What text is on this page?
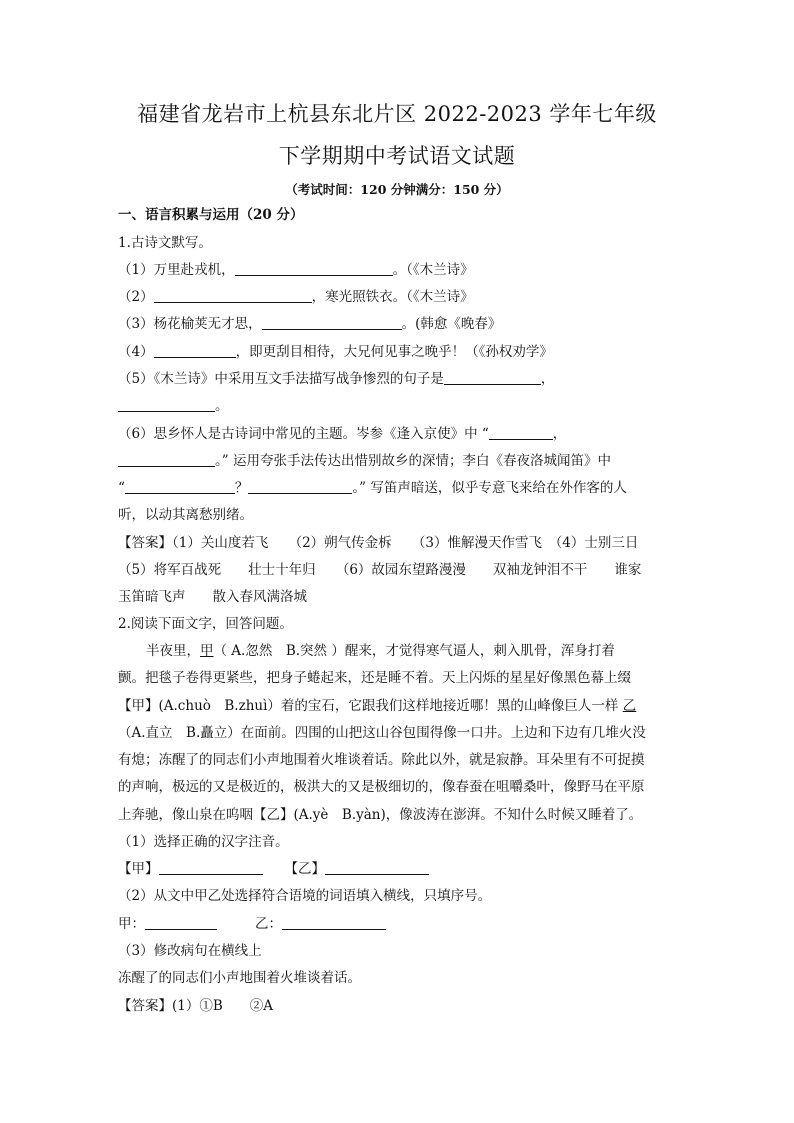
福建省龙岩市上杭县东北片区 2022-2023 学年七年级
下学期期中考试语文试题
（考试时间：120 分钟满分：150 分）
一、语言积累与运用（20 分）
1.古诗文默写。
（1）万里赴戎机，	。（《木兰诗》
（2）	，寒光照铁衣。（《木兰诗》
（3）杨花榆荚无才思，	。(韩愈《晚春》
（4）	，即更刮目相待，大兄何见事之晚乎！（《孙权劝学》
（5）《木兰诗》中采用互文手法描写战争惨烈的句子是	，
。
（6）思乡怀人是古诗词中常见的主题。岑参《逢入京使》中 “	，
。” 运用夸张手法传达出惜别故乡的深情；李白《春夜洛城闻笛》中
“	？	。” 写笛声暗送，似乎专意飞来给在外作客的人
听，以动其离愁别绪。
【答案】（1）关山度若飞　　（2）朔气传金柝　　（3）惟解漫天作雪飞　（4）士别三日
（5）将军百战死　　壮士十年归　　（6）故园东望路漫漫　　双袖龙钟泪不干　　谁家
玉笛暗飞声　　散入春风满洛城
2.阅读下面文字，回答问题。
半夜里，甲（ A.忽然　B.突然 ）醒来，才觉得寒气逼人，刺入肌骨，浑身打着
颤。把毯子卷得更紧些，把身子蜷起来，还是睡不着。天上闪烁的星星好像黑色幕上缀
【甲】(A.chuò　B.zhuì）着的宝石，它跟我们这样地接近哪！黑的山峰像巨人一样 乙
（A.直立　B.矗立）在面前。四围的山把这山谷包围得像一口井。上边和下边有几堆火没
有熄；冻醒了的同志们小声地围着火堆谈着话。除此以外，就是寂静。耳朵里有不可捉摸
的声响，极远的又是极近的，极洪大的又是极细切的，像春蚕在咀嚼桑叶，像野马在平原
上奔驰，像山泉在呜咽【乙】(A.yè　B.yàn)，像波涛在澎湃。不知什么时候又睡着了。
（1）选择正确的汉字注音。
【甲】	【乙】
（2）从文中甲乙处选择符合语境的词语填入横线，只填序号。
甲：	乙：
（3）修改病句在横线上
冻醒了的同志们小声地围着火堆谈着话。
【答案】(1）①B　　②A
